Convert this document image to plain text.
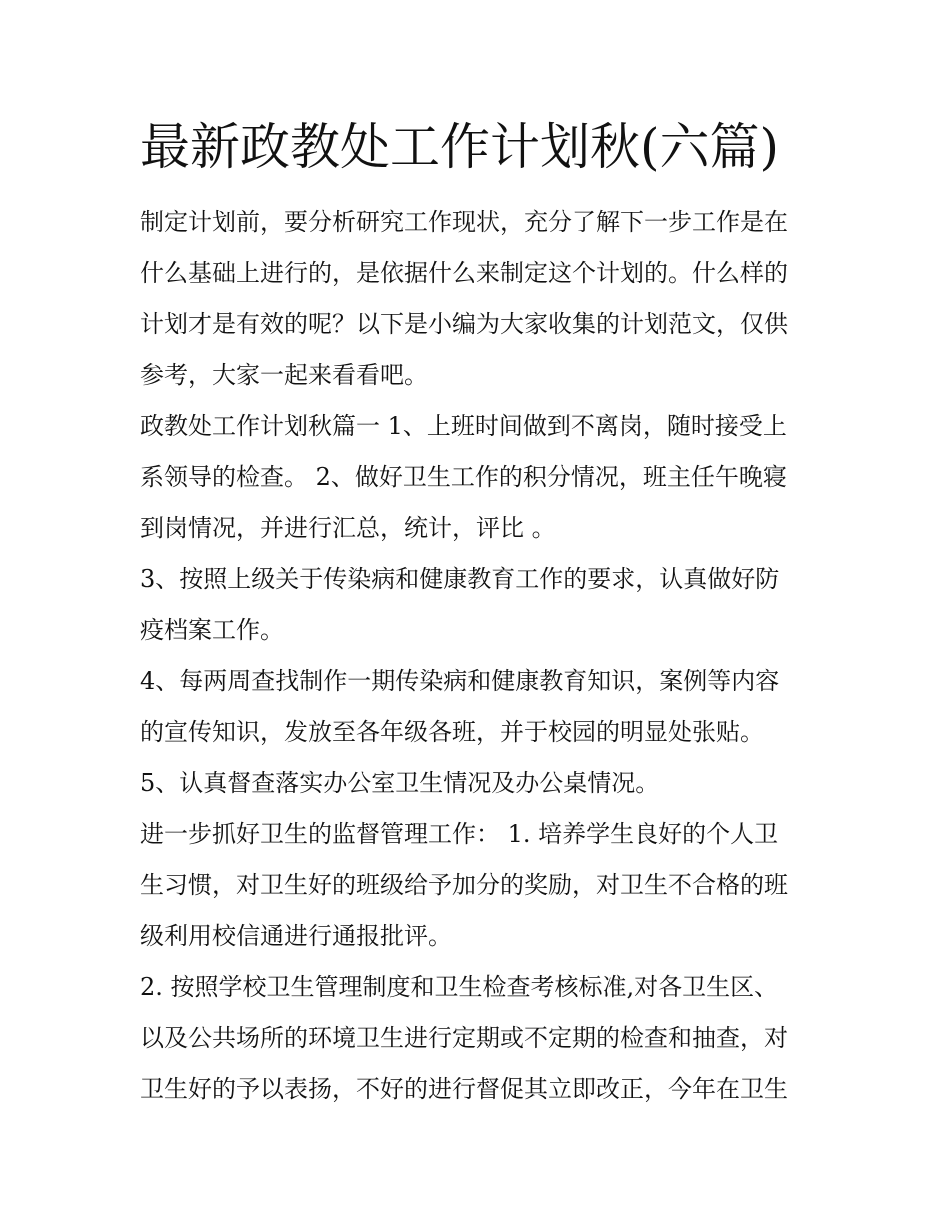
最新政教处工作计划秋(六篇)

制定计划前，要分析研究工作现状，充分了解下一步工作是在
什么基础上进行的，是依据什么来制定这个计划的。什么样的
计划才是有效的呢？以下是小编为大家收集的计划范文，仅供
参考，大家一起来看看吧。

政教处工作计划秋篇一 1、上班时间做到不离岗，随时接受上
系领导的检查。 2、做好卫生工作的积分情况，班主任午晚寝
到岗情况，并进行汇总，统计，评比 。

3、按照上级关于传染病和健康教育工作的要求，认真做好防
疫档案工作。

4、每两周查找制作一期传染病和健康教育知识，案例等内容
的宣传知识，发放至各年级各班，并于校园的明显处张贴。

5、认真督查落实办公室卫生情况及办公桌情况。

进一步抓好卫生的监督管理工作： 1. 培养学生良好的个人卫
生习惯，对卫生好的班级给予加分的奖励，对卫生不合格的班
级利用校信通进行通报批评。

2. 按照学校卫生管理制度和卫生检查考核标准,对各卫生区、
以及公共场所的环境卫生进行定期或不定期的检查和抽查，对
卫生好的予以表扬，不好的进行督促其立即改正，今年在卫生
